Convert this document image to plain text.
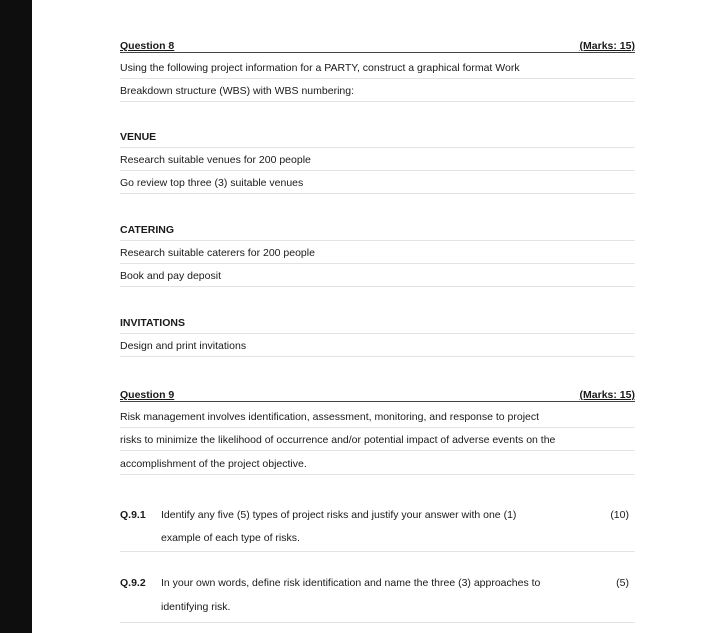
Question 8	(Marks: 15)
Using the following project information for a PARTY, construct a graphical format Work
Breakdown structure (WBS) with WBS numbering:
VENUE
Research suitable venues for 200 people
Go review top three (3) suitable venues
CATERING
Research suitable caterers for 200 people
Book and pay deposit
INVITATIONS
Design and print invitations
Question 9	(Marks: 15)
Risk management involves identification, assessment, monitoring, and response to project
risks to minimize the likelihood of occurrence and/or potential impact of adverse events on the
accomplishment of the project objective.
Q.9.1 Identify any five (5) types of project risks and justify your answer with one (1)
example of each type of risks.
(10)
Q.9.2 In your own words, define risk identification and name the three (3) approaches to
identifying risk.
(5)
